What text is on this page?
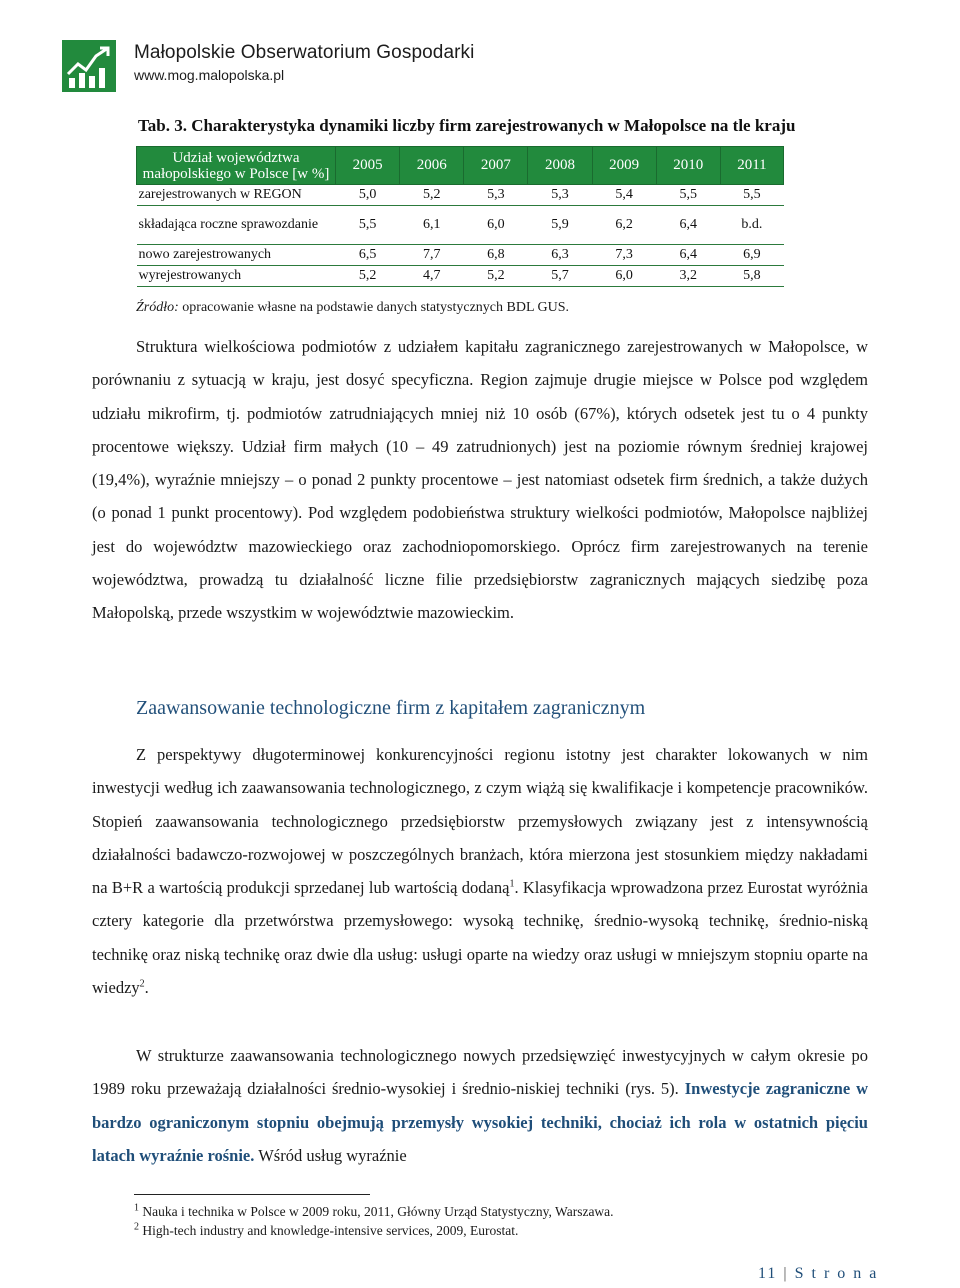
Małopolskie Obserwatorium Gospodarki
www.mog.malopolska.pl
Tab. 3. Charakterystyka dynamiki liczby firm zarejestrowanych w Małopolsce na tle kraju
Udział województwa małopolskiego w Polsce [w %]	2005	2006	2007	2008	2009	2010	2011
zarejestrowanych w REGON	5,0	5,2	5,3	5,3	5,4	5,5	5,5
składająca roczne sprawozdanie	5,5	6,1	6,0	5,9	6,2	6,4	b.d.
nowo zarejestrowanych	6,5	7,7	6,8	6,3	7,3	6,4	6,9
wyrejestrowanych	5,2	4,7	5,2	5,7	6,0	3,2	5,8
Źródło: opracowanie własne na podstawie danych statystycznych BDL GUS.
Struktura wielkościowa podmiotów z udziałem kapitału zagranicznego zarejestrowanych w Małopolsce, w porównaniu z sytuacją w kraju, jest dosyć specyficzna. Region zajmuje drugie miejsce w Polsce pod względem udziału mikrofirm, tj. podmiotów zatrudniających mniej niż 10 osób (67%), których odsetek jest tu o 4 punkty procentowe większy. Udział firm małych (10 – 49 zatrudnionych) jest na poziomie równym średniej krajowej (19,4%), wyraźnie mniejszy – o ponad 2 punkty procentowe – jest natomiast odsetek firm średnich, a także dużych (o ponad 1 punkt procentowy). Pod względem podobieństwa struktury wielkości podmiotów, Małopolsce najbliżej jest do województw mazowieckiego oraz zachodniopomorskiego. Oprócz firm zarejestrowanych na terenie województwa, prowadzą tu działalność liczne filie przedsiębiorstw zagranicznych mających siedzibę poza Małopolską, przede wszystkim w województwie mazowieckim.
Zaawansowanie technologiczne firm z kapitałem zagranicznym
Z perspektywy długoterminowej konkurencyjności regionu istotny jest charakter lokowanych w nim inwestycji według ich zaawansowania technologicznego, z czym wiążą się kwalifikacje i kompetencje pracowników. Stopień zaawansowania technologicznego przedsiębiorstw przemysłowych związany jest z intensywnością działalności badawczo-rozwojowej w poszczególnych branżach, która mierzona jest stosunkiem między nakładami na B+R a wartością produkcji sprzedanej lub wartością dodaną$^1$. Klasyfikacja wprowadzona przez Eurostat wyróżnia cztery kategorie dla przetwórstwa przemysłowego: wysoką technikę, średnio-wysoką technikę, średnio-niską technikę oraz niską technikę oraz dwie dla usług: usługi oparte na wiedzy oraz usługi w mniejszym stopniu oparte na wiedzy$^2$.
W strukturze zaawansowania technologicznego nowych przedsięwzięć inwestycyjnych w całym okresie po 1989 roku przeważają działalności średnio-wysokiej i średnio-niskiej techniki (rys. 5). Inwestycje zagraniczne w bardzo ograniczonym stopniu obejmują przemysły wysokiej techniki, chociaż ich rola w ostatnich pięciu latach wyraźnie rośnie. Wśród usług wyraźnie
$^1$ Nauka i technika w Polsce w 2009 roku, 2011, Główny Urząd Statystyczny, Warszawa.
$^2$ High-tech industry and knowledge-intensive services, 2009, Eurostat.
11 | S t r o n a
